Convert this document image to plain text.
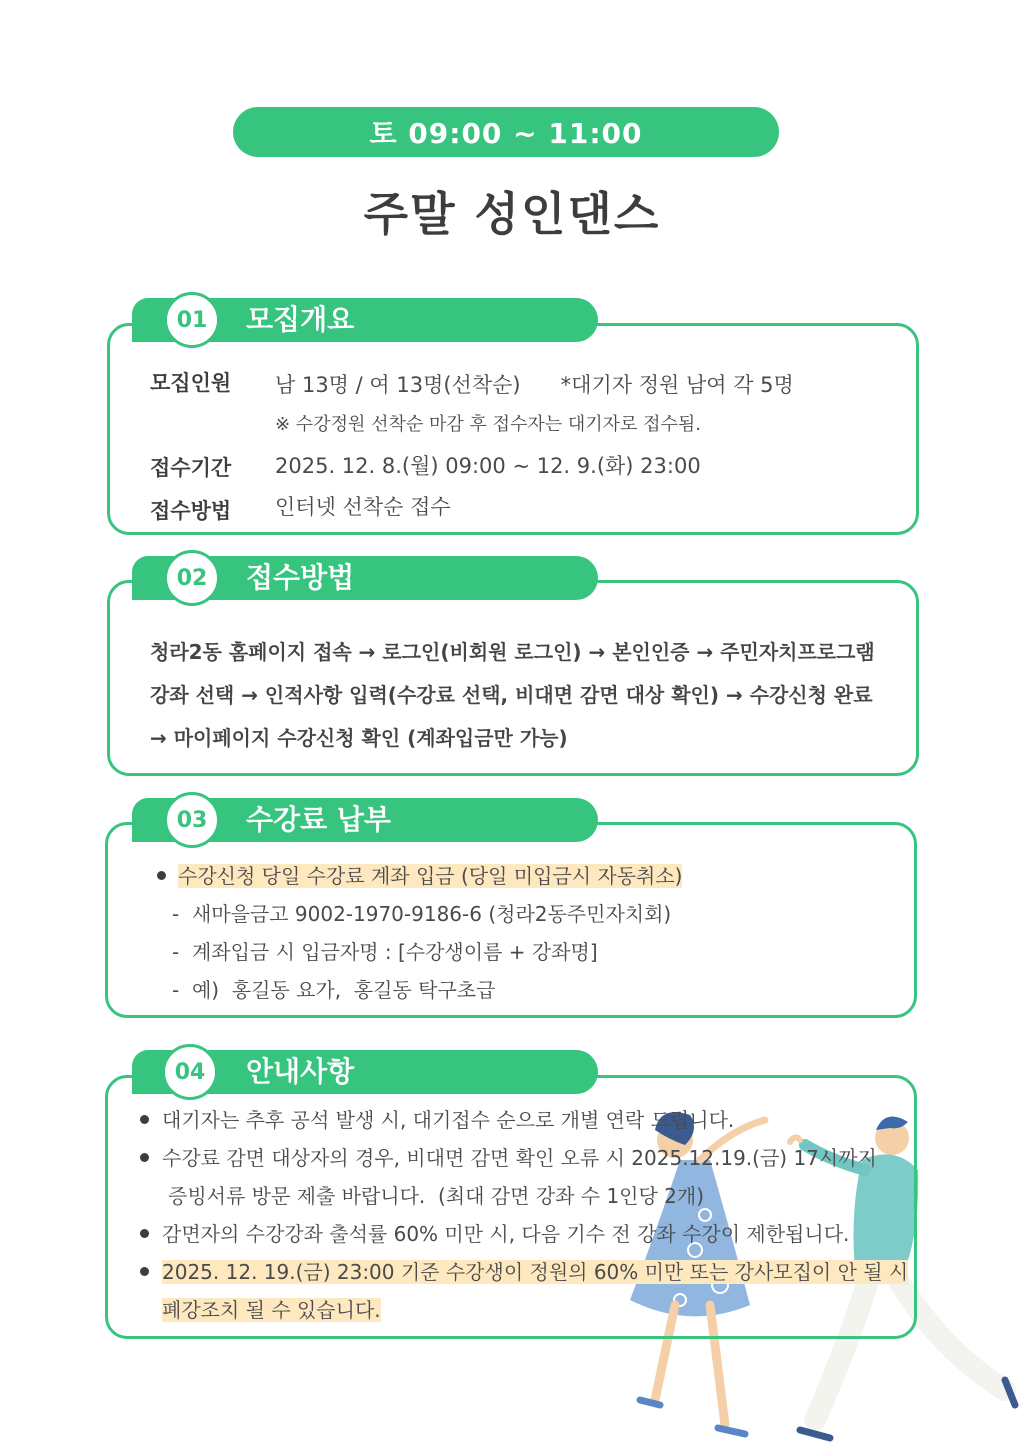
토 09:00 ~ 11:00
주말 성인댄스
01	모집개요
모집인원 남 13명 / 여 13명(선착순)      *대기자 정원 남여 각 5명
※ 수강정원 선착순 마감 후 접수자는 대기자로 접수됨.
접수기간 2025. 12. 8.(월) 09:00 ~ 12. 9.(화) 23:00
접수방법 인터넷 선착순 접수
02	접수방법
청라2동 홈페이지 접속 → 로그인(비회원 로그인) → 본인인증 → 주민자치프로그램
강좌 선택 → 인적사항 입력(수강료 선택, 비대면 감면 대상 확인) → 수강신청 완료
→ 마이페이지 수강신청 확인 (계좌입금만 가능)
03	수강료 납부
수강신청 당일 수강료 계좌 입금 (당일 미입금시 자동취소)
-  새마을금고 9002-1970-9186-6 (청라2동주민자치회)
-  계좌입금 시 입금자명 : [수강생이름 + 강좌명]
-  예)  홍길동 요가,  홍길동 탁구초급
04	안내사항
대기자는 추후 공석 발생 시, 대기접수 순으로 개별 연락 드립니다.
수강료 감면 대상자의 경우, 비대면 감면 확인 오류 시 2025.12.19.(금) 17시까지
증빙서류 방문 제출 바랍니다.  (최대 감면 강좌 수 1인당 2개)
감면자의 수강강좌 출석률 60% 미만 시, 다음 기수 전 강좌 수강이 제한됩니다.
2025. 12. 19.(금) 23:00 기준 수강생이 정원의 60% 미만 또는 강사모집이 안 될 시
폐강조치 될 수 있습니다.
